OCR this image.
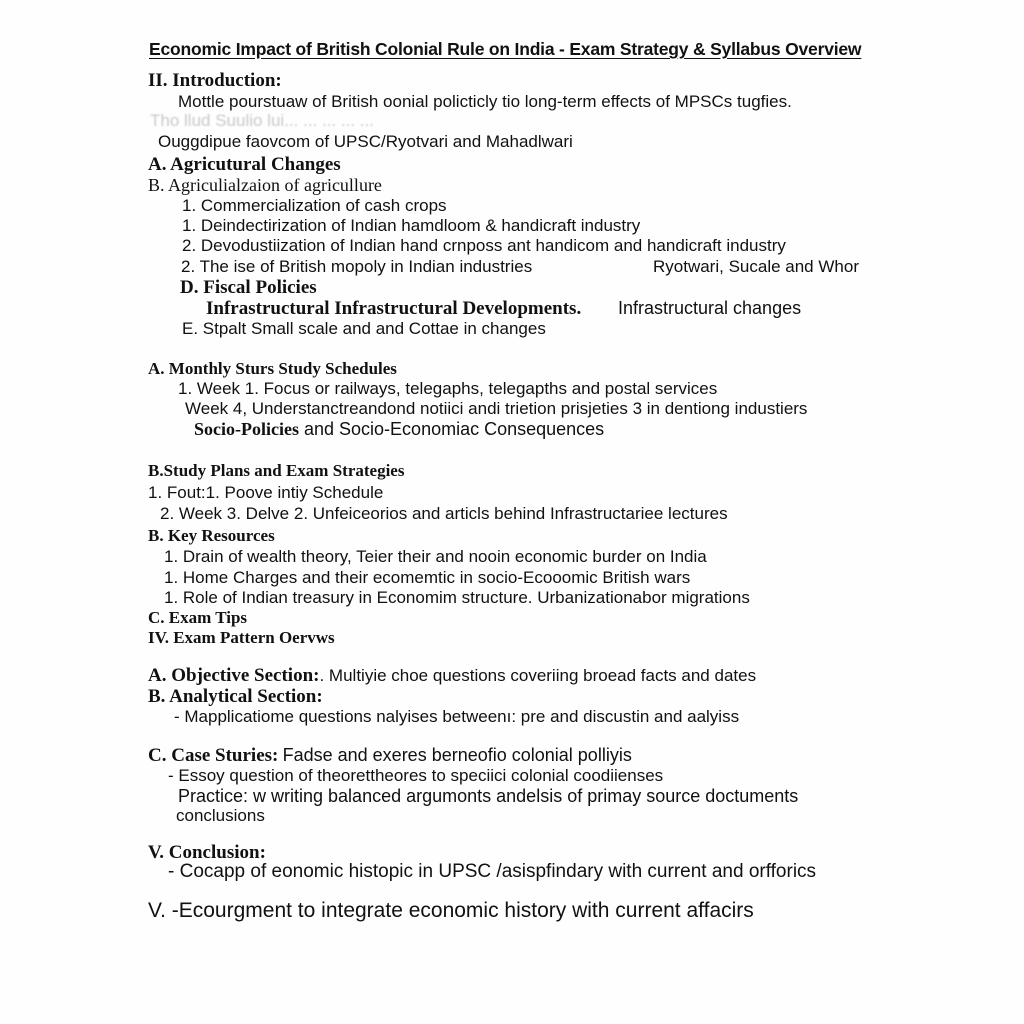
Economic Impact of British Colonial Rule on India - Exam Strategy & Syllabus Overview
II. Introduction:
Mottle pourstuaw of British oonial policticly tio long-term effects of MPSCs tugfies.
Tho llud Suulio lui... ... ... ... ...
Ouggdipue faovcom of UPSC/Ryotvari and Mahadlwari
A. Agricutural Changes
B. Agriculialzaion of agricullure
1. Commercialization of cash crops
1. Deindectirization of Indian hamdloom & handicraft industry
2. Devodustiization of Indian hand crnposs ant handicom and handicraft industry
2. The ise of British mopoly in Indian industries	Ryotwari, Sucale and Whor
D. Fiscal Policies
Infrastructural Infrastructural Developments. Infrastructural changes
E. Stpalt Small scale and and Cottae in changes
A. Monthly Sturs Study Schedules
1. Week 1. Focus or railways, telegaphs, telegapths and postal services
Week 4, Understanctreandond notiici andi trietion prisjeties 3 in dentiong industiers
Socio-Policies and Socio-Economiac Consequences
B.Study Plans and Exam Strategies
1. Fout:1. Poove intiy Schedule
2. Week 3. Delve 2. Unfeiceorios and articls behind Infrastructariee lectures
B. Key Resources
1. Drain of wealth theory, Teier their and nooin economic burder on India
1. Home Charges and their ecomemtic in socio-Ecooomic British wars
1. Role of Indian treasury in Economim structure. Urbanizationabor migrations
C. Exam Tips
IV. Exam Pattern Oervws
A. Objective Section:. Multiyie choe questions coveriing broead facts and dates
B. Analytical Section:
- Mapplicatiome questions nalyises betweenı: pre and discustin and aalyiss
C. Case Sturies: Fadse and exeres berneofio colonial polliyis
- Essoy question of theorettheores to speciici colonial coodiienses
Practice: w writing balanced argumonts andelsis of primay source doctuments
conclusions
V. Conclusion:
- Cocapp of eonomic histopic in UPSC /asispfindary with current and orfforics
V. -Ecourgment to integrate economic history with current affacirs
